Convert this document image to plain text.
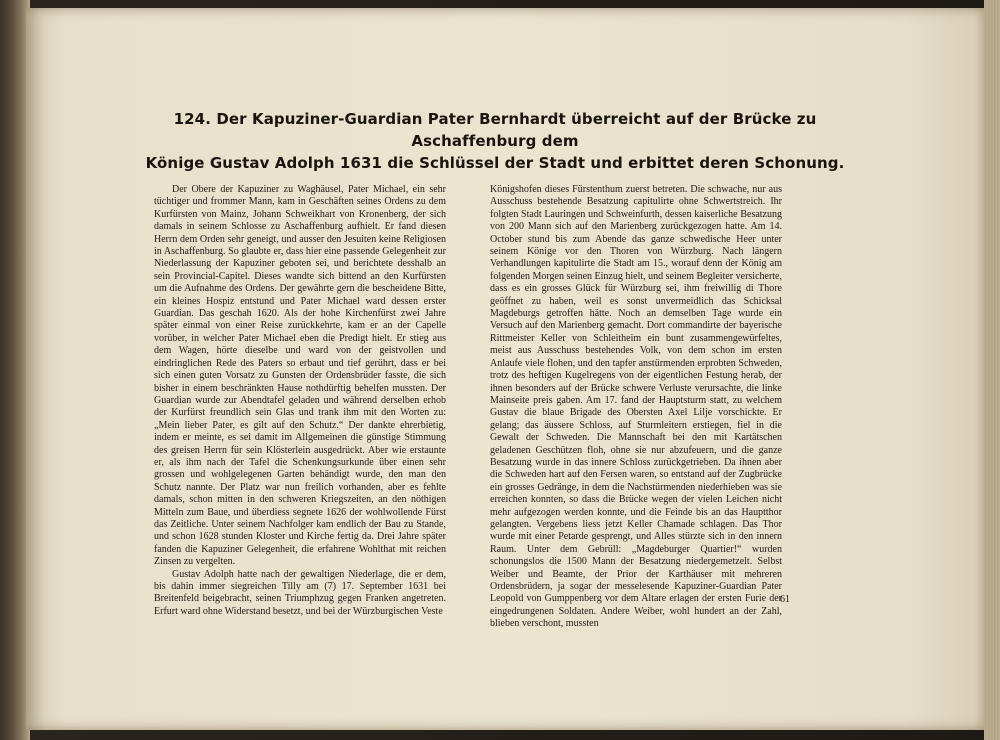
124. Der Kapuziner-Guardian Pater Bernhardt überreicht auf der Brücke zu Aschaffenburg dem
Könige Gustav Adolph 1631 die Schlüssel der Stadt und erbittet deren Schonung.

Der Obere der Kapuziner zu Waghäusel, Pater Michael, ein sehr tüchtiger und frommer Mann, kam in Geschäften seines Ordens zu dem Kurfürsten von Mainz, Johann Schweikhart von Kronenberg, der sich damals in seinem Schlosse zu Aschaffenburg aufhielt. Er fand diesen Herrn dem Orden sehr geneigt, und ausser den Jesuiten keine Religiosen in Aschaffenburg. So glaubte er, dass hier eine passende Gelegenheit zur Niederlassung der Kapuziner geboten sei, und berichtete desshalb an sein Provincial-Capitel. Dieses wandte sich bittend an den Kurfürsten um die Aufnahme des Ordens. Der gewährte gern die bescheidene Bitte, ein kleines Hospiz entstund und Pater Michael ward dessen erster Guardian. Das geschah 1620. Als der hohe Kirchenfürst zwei Jahre später einmal von einer Reise zurückkehrte, kam er an der Capelle vorüber, in welcher Pater Michael eben die Predigt hielt. Er stieg aus dem Wagen, hörte dieselbe und ward von der geistvollen und eindringlichen Rede des Paters so erbaut und tief gerührt, dass er bei sich einen guten Vorsatz zu Gunsten der Ordensbrüder fasste, die sich bisher in einem beschränkten Hause nothdürftig behelfen mussten. Der Guardian wurde zur Abendtafel geladen und während derselben erhob der Kurfürst freundlich sein Glas und trank ihm mit den Worten zu: „Mein lieber Pater, es gilt auf den Schutz.“ Der dankte ehrerbietig, indem er meinte, es sei damit im Allgemeinen die günstige Stimmung des greisen Herrn für sein Klösterlein ausgedrückt. Aber wie erstaunte er, als ihm nach der Tafel die Schenkungsurkunde über einen sehr grossen und wohlgelegenen Garten behändigt wurde, den man den Schutz nannte. Der Platz war nun freilich vorhanden, aber es fehlte damals, schon mitten in den schweren Kriegszeiten, an den nöthigen Mitteln zum Baue, und überdiess segnete 1626 der wohlwollende Fürst das Zeitliche. Unter seinem Nachfolger kam endlich der Bau zu Stande, und schon 1628 stunden Kloster und Kirche fertig da. Drei Jahre später fanden die Kapuziner Gelegenheit, die erfahrene Wohlthat mit reichen Zinsen zu vergelten.

Gustav Adolph hatte nach der gewaltigen Niederlage, die er dem, bis dahin immer siegreichen Tilly am (7) 17. September 1631 bei Breitenfeld beigebracht, seinen Triumphzug gegen Franken angetreten. Erfurt ward ohne Widerstand besetzt, und bei der Würzburgischen Veste

Königshofen dieses Fürstenthum zuerst betreten. Die schwache, nur aus Ausschuss bestehende Besatzung capitulirte ohne Schwertstreich. Ihr folgten Stadt Lauringen und Schweinfurth, dessen kaiserliche Besatzung von 200 Mann sich auf den Marienberg zurückgezogen hatte. Am 14. October stund bis zum Abende das ganze schwedische Heer unter seinem Könige vor den Thoren von Würzburg. Nach längern Verhandlungen kapitulirte die Stadt am 15., worauf denn der König am folgenden Morgen seinen Einzug hielt, und seinem Begleiter versicherte, dass es ein grosses Glück für Würzburg sei, ihm freiwillig di Thore geöffnet zu haben, weil es sonst unvermeidlich das Schicksal Magdeburgs getroffen hätte. Noch an demselben Tage wurde ein Versuch auf den Marienberg gemacht. Dort commandirte der bayerische Rittmeister Keller von Schleitheim ein bunt zusammengewürfeltes, meist aus Ausschuss bestehendes Volk, von dem schon im ersten Anlaufe viele flohen, und den tapfer anstürmenden erprobten Schweden, trotz des heftigen Kugelregens von der eigentlichen Festung herab, der ihnen besonders auf der Brücke schwere Verluste verursachte, die linke Mainseite preis gaben. Am 17. fand der Hauptsturm statt, zu welchem Gustav die blaue Brigade des Obersten Axel Lilje vorschickte. Er gelang; das äussere Schloss, auf Sturmleitern erstiegen, fiel in die Gewalt der Schweden. Die Mannschaft bei den mit Kartätschen geladenen Geschützen floh, ohne sie nur abzufeuern, und die ganze Besatzung wurde in das innere Schloss zurückgetrieben. Da ihnen aber die Schweden hart auf den Fersen waren, so entstand auf der Zugbrücke ein grosses Gedränge, in dem die Nachstürmenden niederhieben was sie erreichen konnten, so dass die Brücke wegen der vielen Leichen nicht mehr aufgezogen werden konnte, und die Feinde bis an das Hauptthor gelangten. Vergebens liess jetzt Keller Chamade schlagen. Das Thor wurde mit einer Petarde gesprengt, und Alles stürzte sich in den innern Raum. Unter dem Gebrüll: „Magdeburger Quartier!“ wurden schonungslos die 1500 Mann der Besatzung niedergemetzelt. Selbst Weiber und Beamte, der Prior der Karthäuser mit mehreren Ordensbrüdern, ja sogar der messelesende Kapuziner-Guardian Pater Leopold von Gumppenberg vor dem Altare erlagen der ersten Furie der eingedrungenen Soldaten. Andere Weiber, wohl hundert an der Zahl, blieben verschont, mussten

61
